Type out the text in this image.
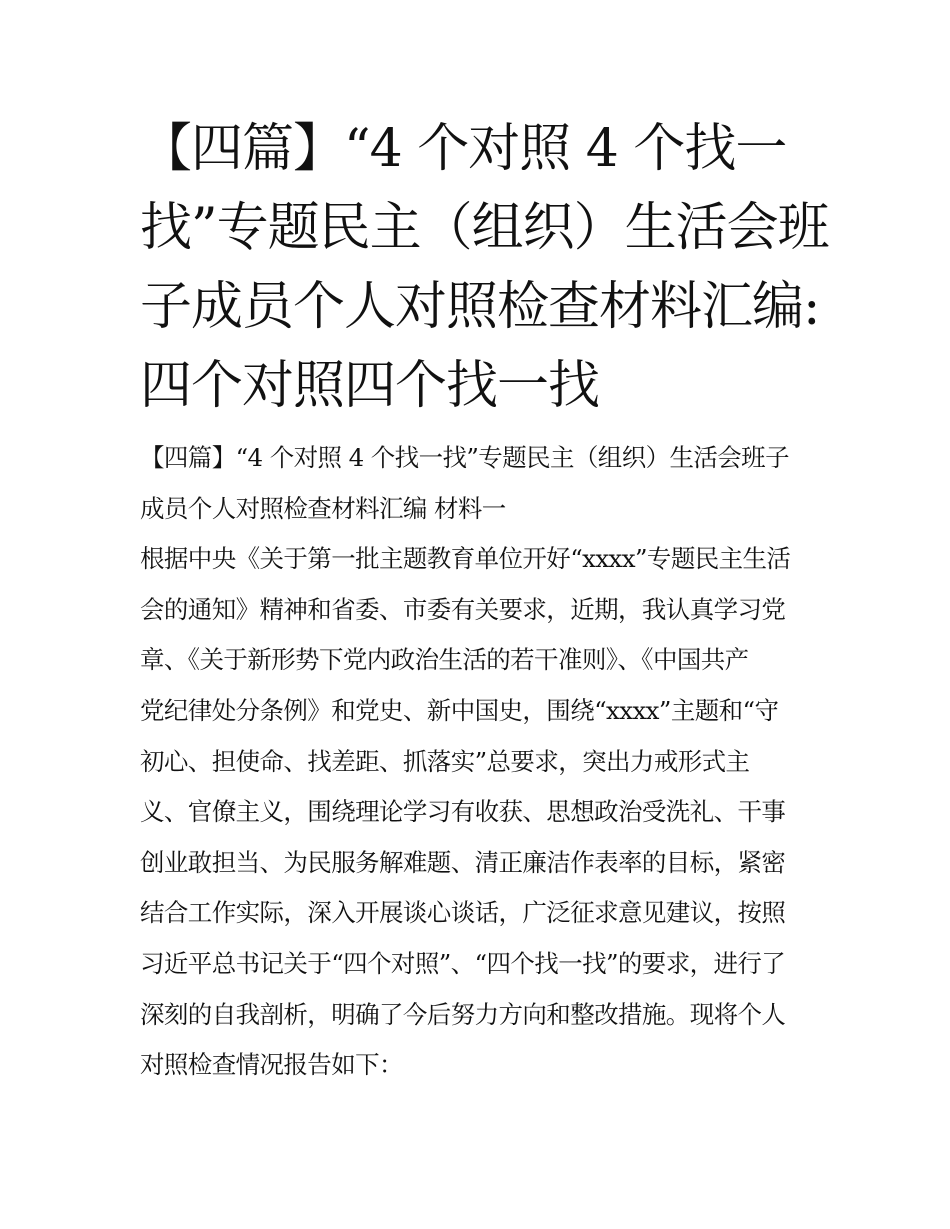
【四篇】“4 个对照 4 个找一
找”专题民主（组织）生活会班
子成员个人对照检查材料汇编:
四个对照四个找一找
【四篇】“4 个对照 4 个找一找”专题民主（组织）生活会班子
成员个人对照检查材料汇编 材料一
根据中央《关于第一批主题教育单位开好“xxxx”专题民主生活
会的通知》精神和省委、市委有关要求，近期，我认真学习党
章、《关于新形势下党内政治生活的若干准则》、《中国共产
党纪律处分条例》和党史、新中国史，围绕“xxxx”主题和“守
初心、担使命、找差距、抓落实”总要求，突出力戒形式主
义、官僚主义，围绕理论学习有收获、思想政治受洗礼、干事
创业敢担当、为民服务解难题、清正廉洁作表率的目标，紧密
结合工作实际，深入开展谈心谈话，广泛征求意见建议，按照
习近平总书记关于“四个对照”、“四个找一找”的要求，进行了
深刻的自我剖析，明确了今后努力方向和整改措施。现将个人
对照检查情况报告如下：
